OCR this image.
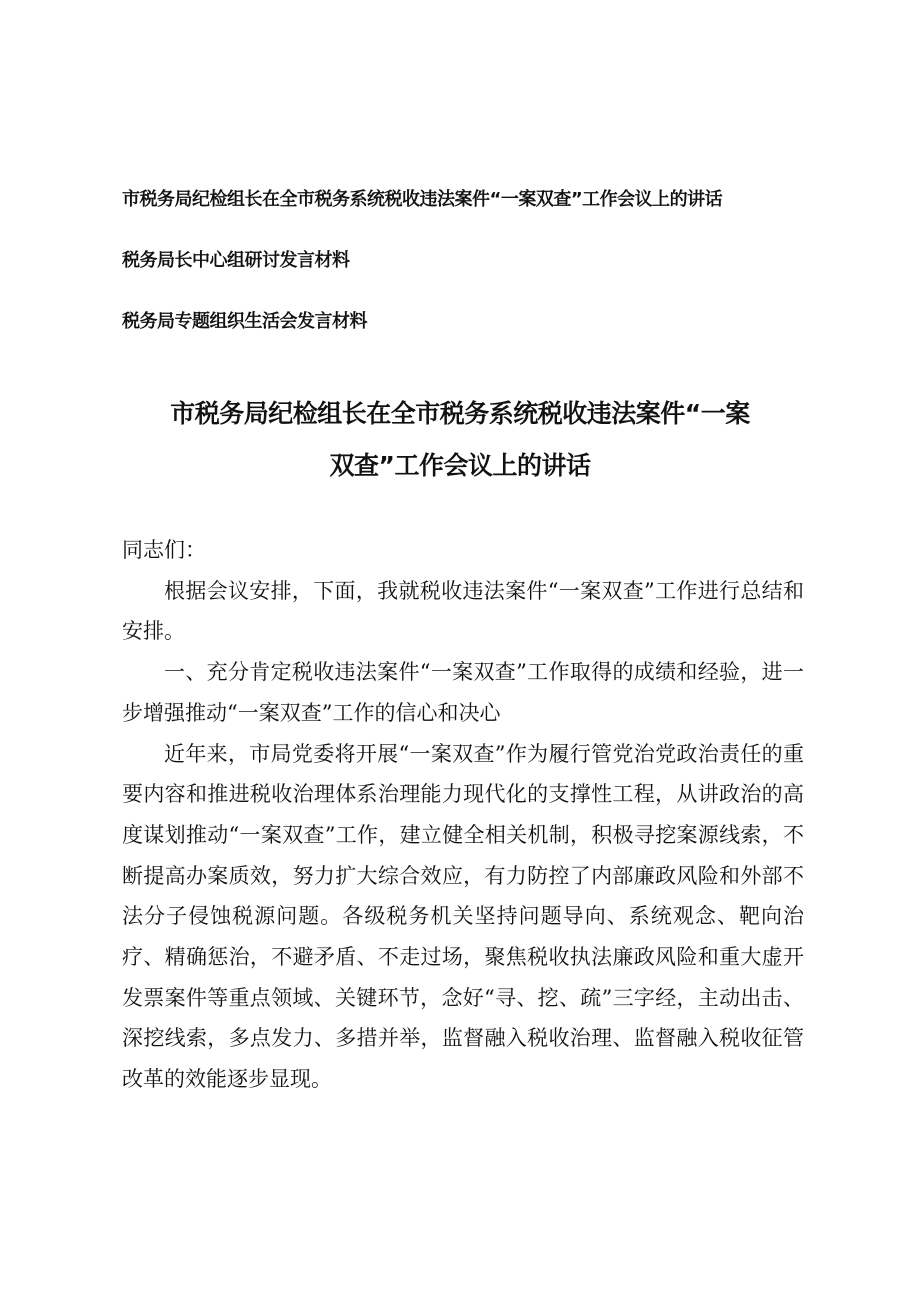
市税务局纪检组长在全市税务系统税收违法案件“一案双查”工作会议上的讲话
税务局长中心组研讨发言材料
税务局专题组织生活会发言材料
市税务局纪检组长在全市税务系统税收违法案件“一案
双查”工作会议上的讲话

同志们：

根据会议安排，下面，我就税收违法案件“一案双查”工作进行总结和安排。

一、充分肯定税收违法案件“一案双查”工作取得的成绩和经验，进一步增强推动“一案双查”工作的信心和决心

近年来，市局党委将开展“一案双查”作为履行管党治党政治责任的重要内容和推进税收治理体系治理能力现代化的支撑性工程，从讲政治的高度谋划推动“一案双查”工作，建立健全相关机制，积极寻挖案源线索，不断提高办案质效，努力扩大综合效应，有力防控了内部廉政风险和外部不法分子侵蚀税源问题。各级税务机关坚持问题导向、系统观念、靶向治疗、精确惩治，不避矛盾、不走过场，聚焦税收执法廉政风险和重大虚开发票案件等重点领域、关键环节，念好“寻、挖、疏”三字经，主动出击、深挖线索，多点发力、多措并举，监督融入税收治理、监督融入税收征管改革的效能逐步显现。
